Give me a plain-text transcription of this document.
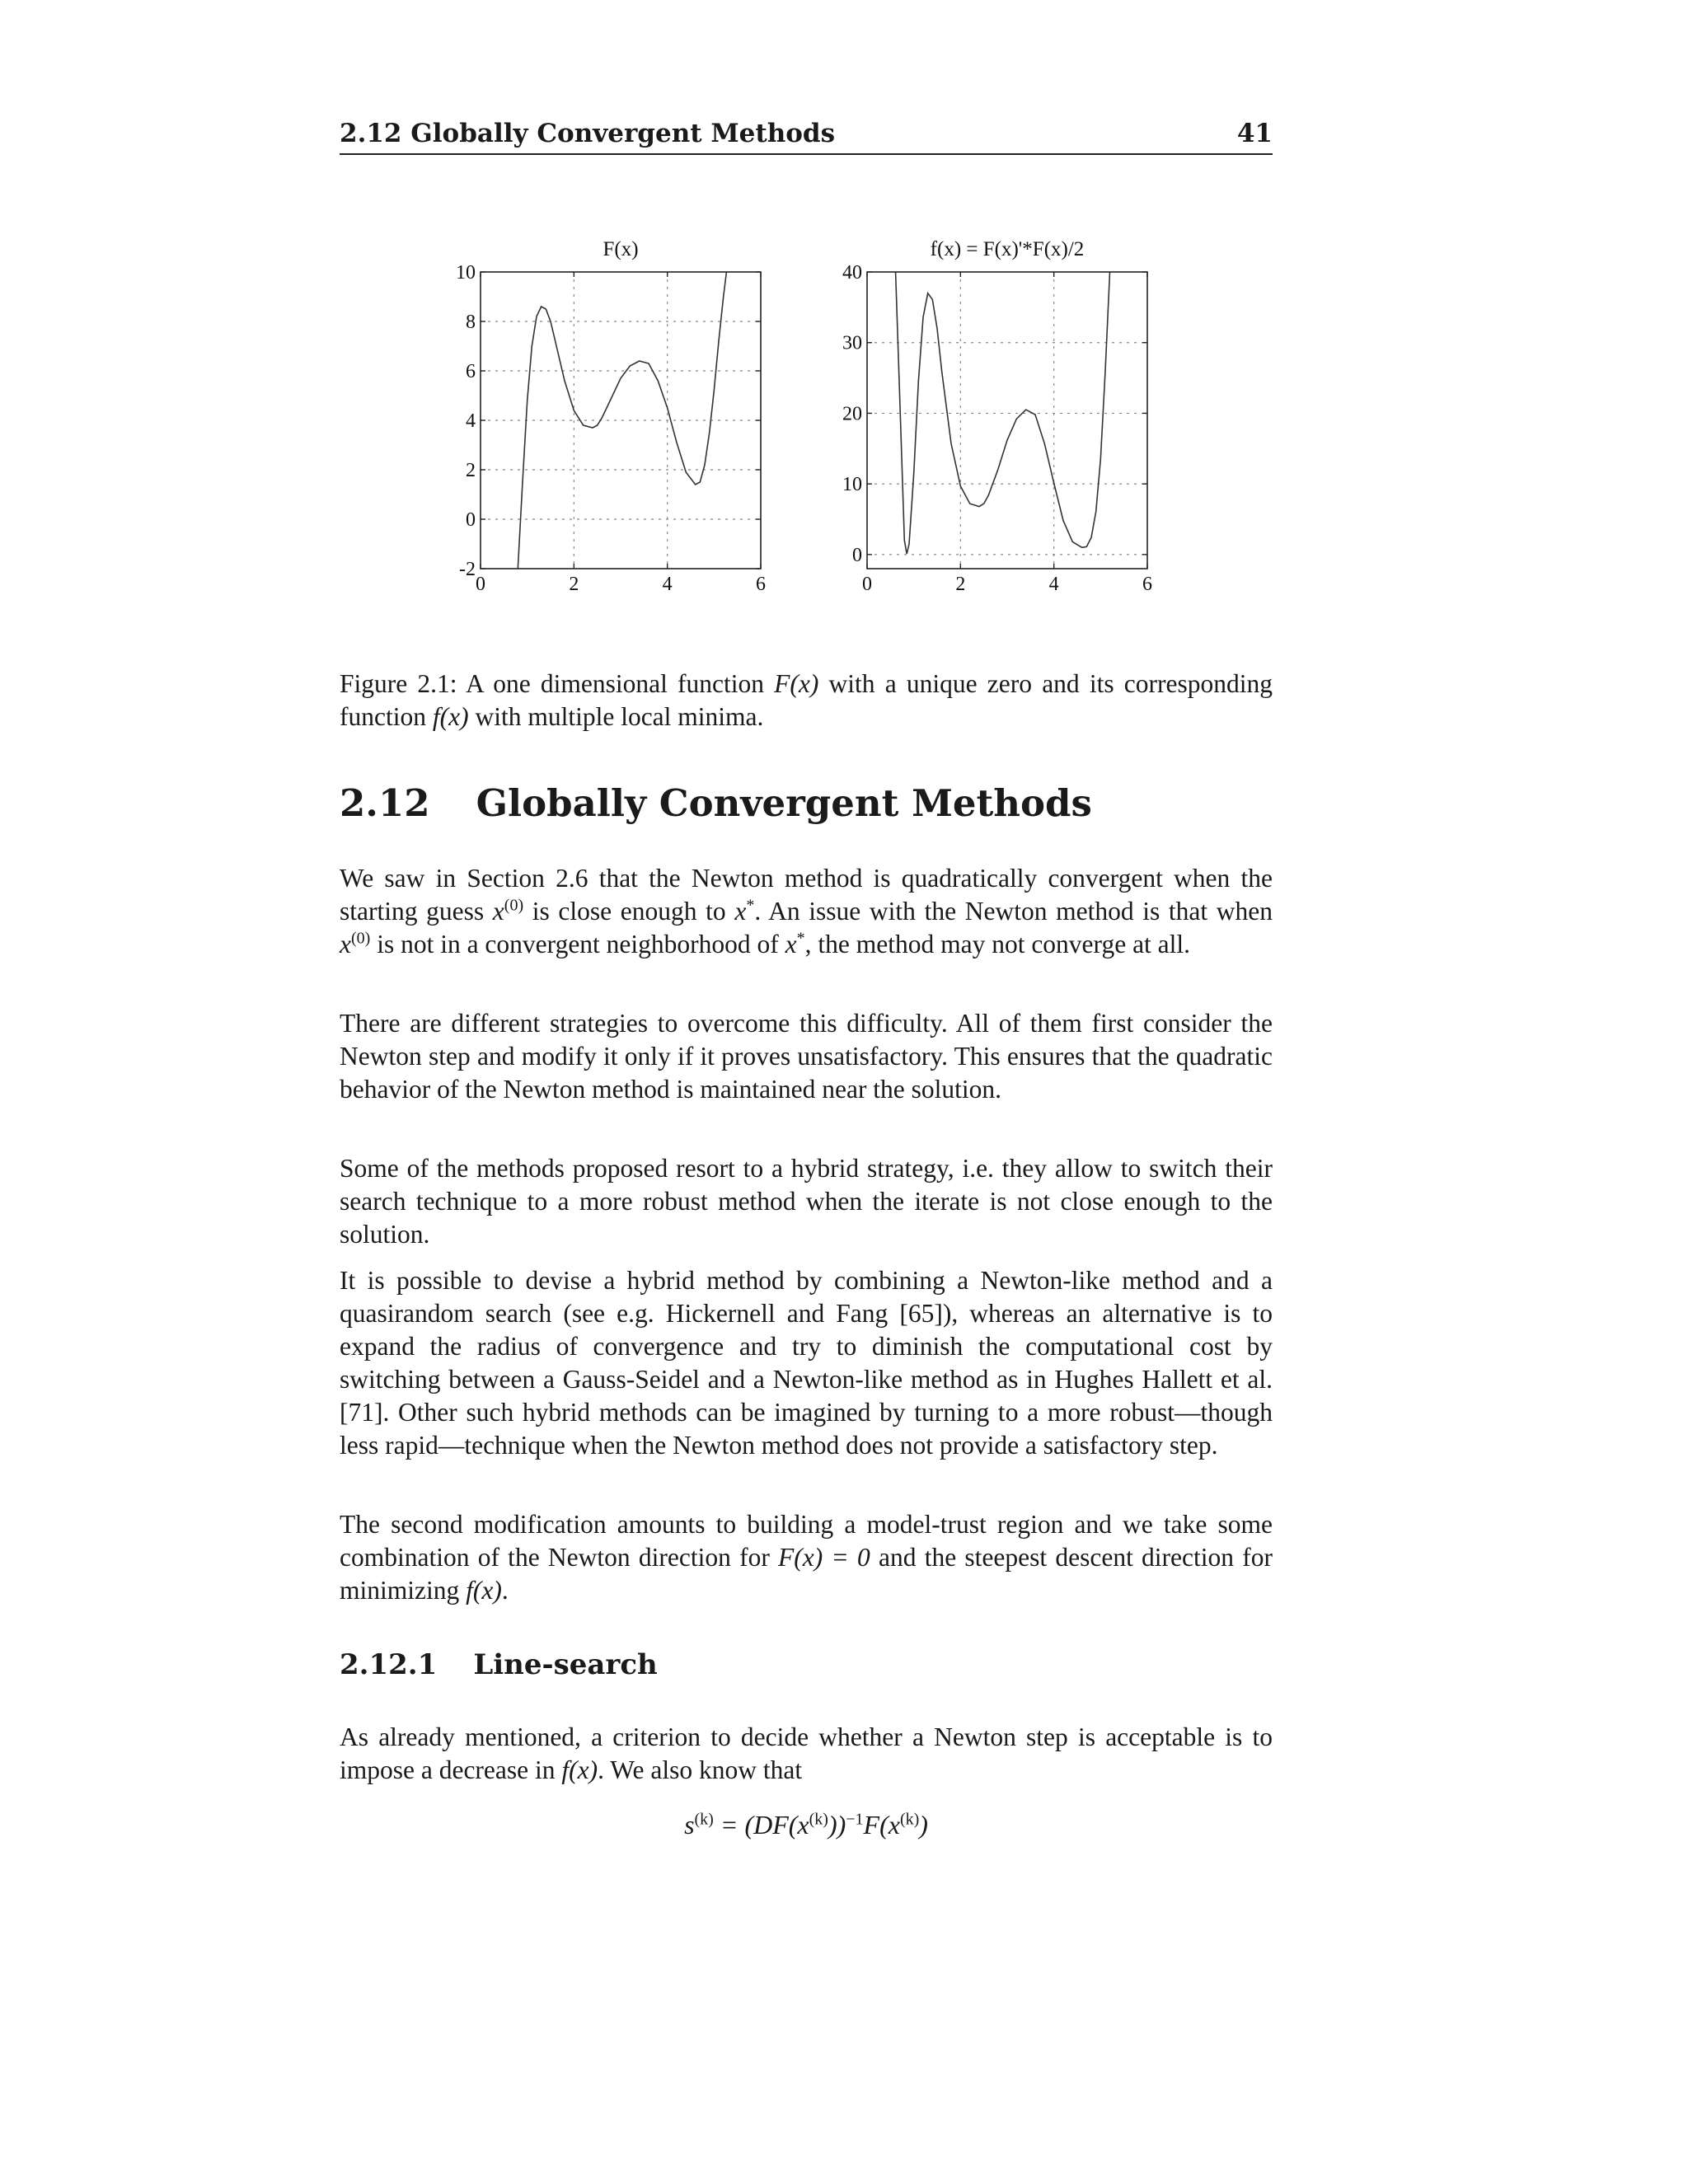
2.12 Globally Convergent Methods	41
0	2	4	6
-2
0
2
4
6
8
10
F(x)
0	2	4	6
0
10
20
30
40
f(x) = F(x)'*F(x)/2

Figure 2.1: A one dimensional function F(x) with a unique zero and its corresponding function f(x) with multiple local minima.

2.12 Globally Convergent Methods

We saw in Section 2.6 that the Newton method is quadratically convergent when the starting guess $x^{(0)}$ is close enough to x*. An issue with the Newton method is that when $x^{(0)}$ is not in a convergent neighborhood of x*, the method may not converge at all.

There are different strategies to overcome this difficulty. All of them first consider the Newton step and modify it only if it proves unsatisfactory. This ensures that the quadratic behavior of the Newton method is maintained near the solution.

Some of the methods proposed resort to a hybrid strategy, i.e. they allow to switch their search technique to a more robust method when the iterate is not close enough to the solution.

It is possible to devise a hybrid method by combining a Newton-like method and a quasirandom search (see e.g. Hickernell and Fang [65]), whereas an alternative is to expand the radius of convergence and try to diminish the computational cost by switching between a Gauss-Seidel and a Newton-like method as in Hughes Hallett et al. [71]. Other such hybrid methods can be imagined by turning to a more robust—though less rapid—technique when the Newton method does not provide a satisfactory step.

The second modification amounts to building a model-trust region and we take some combination of the Newton direction for F(x) = 0 and the steepest descent direction for minimizing f(x).

2.12.1 Line-search

As already mentioned, a criterion to decide whether a Newton step is acceptable is to impose a decrease in f(x). We also know that

$s^{(k)} = (DF(x^{(k)}))^{-1}F(x^{(k)})$
